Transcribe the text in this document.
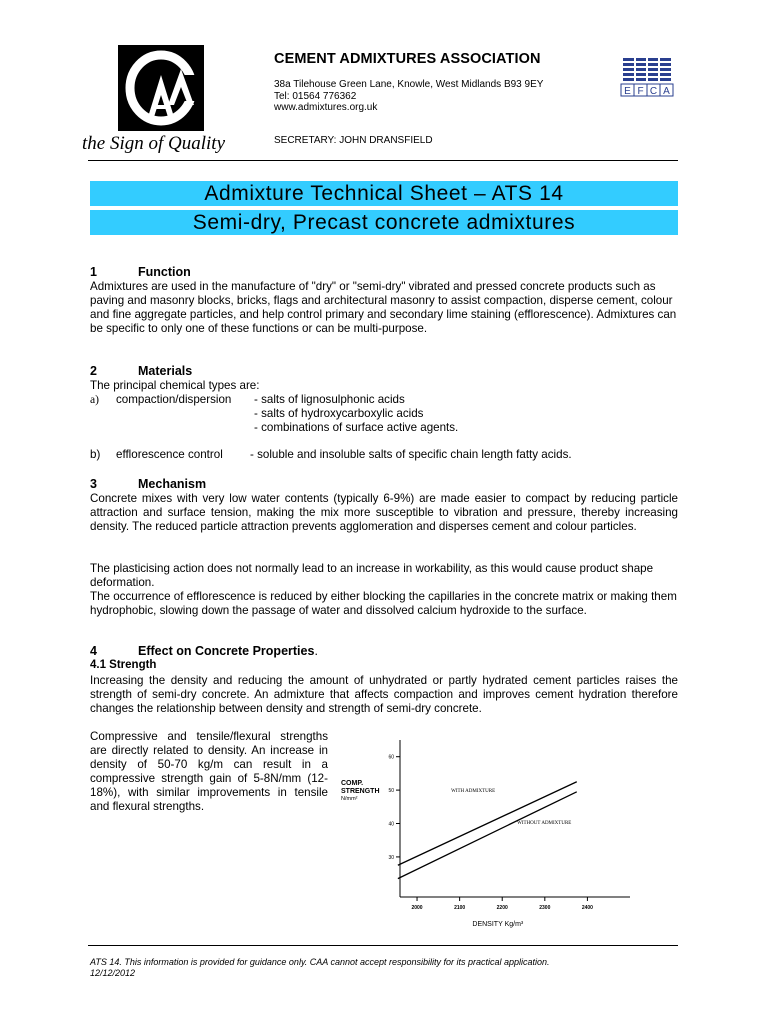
the Sign of Quality
CEMENT ADMIXTURES ASSOCIATION
38a Tilehouse Green Lane, Knowle, West Midlands B93 9EY
Tel: 01564 776362
www.admixtures.org.uk
SECRETARY: JOHN DRANSFIELD
E F C A
Admixture Technical Sheet – ATS 14
Semi-dry, Precast concrete admixtures
1	Function
Admixtures are used in the manufacture of "dry" or "semi-dry" vibrated and pressed concrete products such as paving and masonry blocks, bricks, flags and architectural masonry to assist compaction, disperse cement, colour and fine aggregate particles, and help control primary and secondary lime staining (efflorescence). Admixtures can be specific to only one of these functions or can be multi-purpose.
2	Materials
The principal chemical types are:
a) compaction/dispersion - salts of lignosulphonic acids
- salts of hydroxycarboxylic acids
- combinations of surface active agents.
b) efflorescence control - soluble and insoluble salts of specific chain length fatty acids.
3	Mechanism
Concrete mixes with very low water contents (typically 6-9%) are made easier to compact by reducing particle attraction and surface tension, making the mix more susceptible to vibration and pressure, thereby increasing density. The reduced particle attraction prevents agglomeration and disperses cement and colour particles.
The plasticising action does not normally lead to an increase in workability, as this would cause product shape deformation.
The occurrence of efflorescence is reduced by either blocking the capillaries in the concrete matrix or making them hydrophobic, slowing down the passage of water and dissolved calcium hydroxide to the surface.
4	Effect on Concrete Properties.
4.1 Strength
Increasing the density and reducing the amount of unhydrated or partly hydrated cement particles raises the strength of semi-dry concrete. An admixture that affects compaction and improves cement hydration therefore changes the relationship between density and strength of semi-dry concrete.
Compressive and tensile/flexural strengths are directly related to density. An increase in density of 50-70 kg/m can result in a compressive strength gain of 5-8N/mm (12-18%), with similar improvements in tensile and flexural strengths.
30
40
50
60
2000	2100	2200	2300	2400
COMP.
STRENGTH
N/mm²
DENSITY Kg/m³
WITH ADMIXTURE
WITHOUT ADMIXTURE
ATS 14. This information is provided for guidance only. CAA cannot accept responsibility for its practical application.
12/12/2012
